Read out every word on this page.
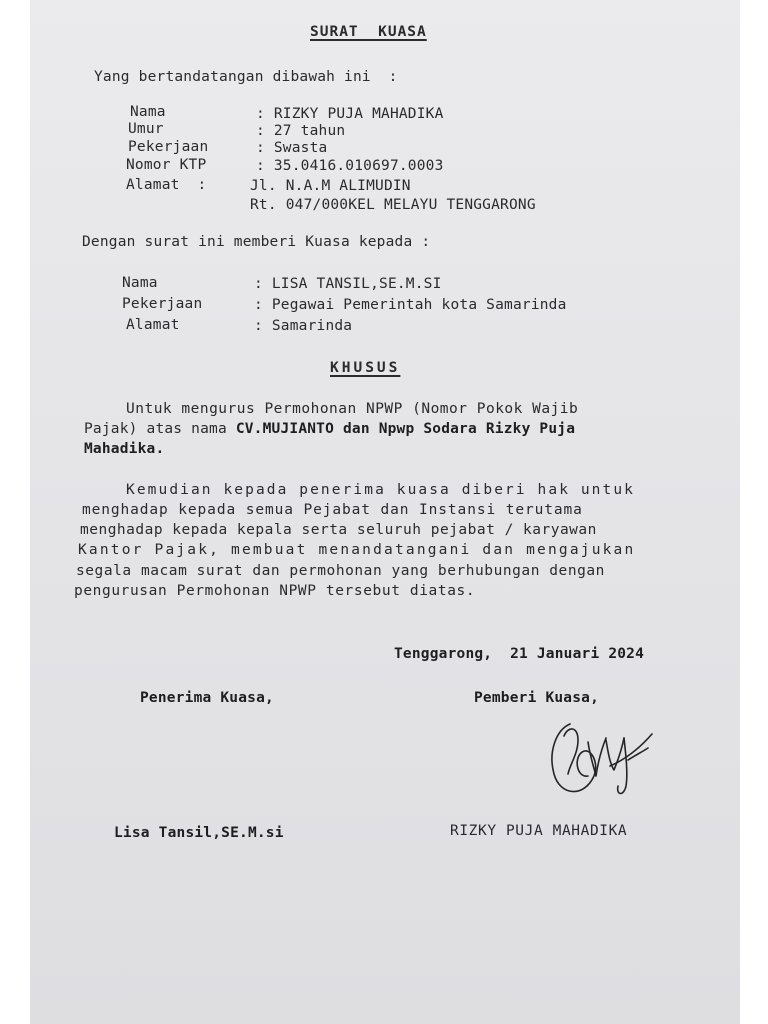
SURAT  KUASA
Yang bertandatangan dibawah ini  :
Nama	: RIZKY PUJA MAHADIKA
Umur	: 27 tahun
Pekerjaan	: Swasta
Nomor KTP	: 35.0416.010697.0003
Alamat  :	Jl. N.A.M ALIMUDIN
Rt. 047/000KEL MELAYU TENGGARONG
Dengan surat ini memberi Kuasa kepada :
Nama	: LISA TANSIL,SE.M.SI
Pekerjaan	: Pegawai Pemerintah kota Samarinda
Alamat	: Samarinda
KHUSUS
Untuk mengurus Permohonan NPWP (Nomor Pokok Wajib
Pajak) atas nama CV.MUJIANTO dan Npwp Sodara Rizky Puja
Mahadika.
Kemudian kepada penerima kuasa diberi hak untuk
menghadap kepada semua Pejabat dan Instansi terutama
menghadap kepada kepala serta seluruh pejabat / karyawan
Kantor Pajak, membuat menandatangani dan mengajukan
segala macam surat dan permohonan yang berhubungan dengan
pengurusan Permohonan NPWP tersebut diatas.
Tenggarong,  21 Januari 2024
Penerima Kuasa,	Pemberi Kuasa,
Lisa Tansil,SE.M.si	RIZKY PUJA MAHADIKA
